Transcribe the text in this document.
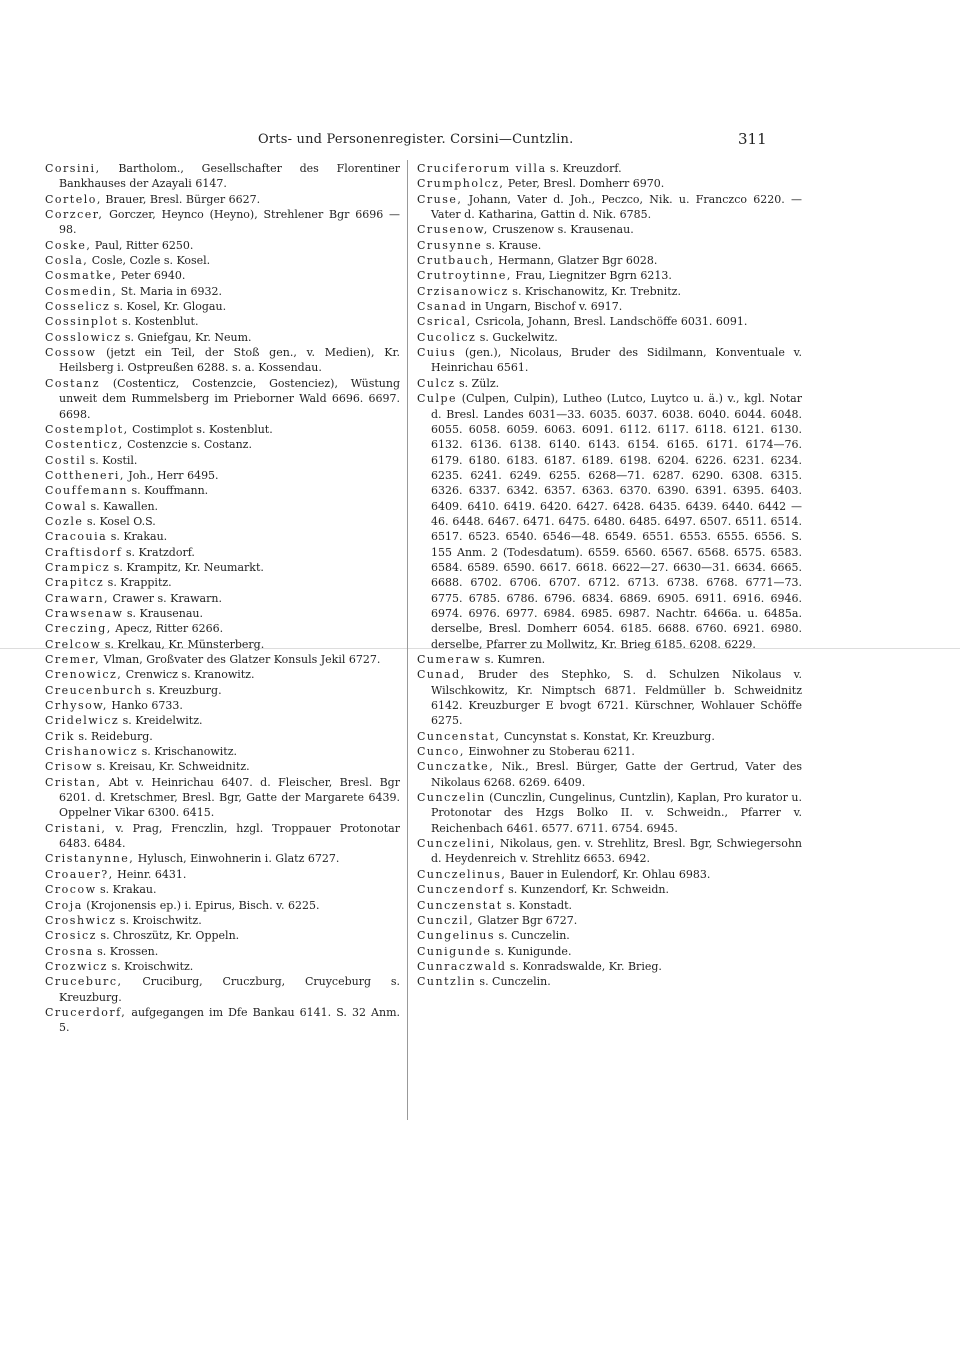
Orts- und Personenregister. Corsini—Cuntzlin.	311

Corsini, Bartholom., Gesellschafter des Florentiner Bankhauses der Azayali 6147.

Cortelo, Brauer, Bresl. Bürger 6627.

Corzcer, Gorczer, Heynco (Heyno), Strehlener Bgr 6696 —98.

Coske, Paul, Ritter 6250.

Cosla, Cosle, Cozle s. Kosel.

Cosmatke, Peter 6940.

Cosmedin, St. Maria in 6932.

Cosselicz s. Kosel, Kr. Glogau.

Cossinplot s. Kostenblut.

Cosslowicz s. Gniefgau, Kr. Neum.

Cossow (jetzt ein Teil, der Stoß gen., v. Medien), Kr. Heilsberg i. Ostpreußen 6288. s. a. Kossendau.

Costanz (Costenticz, Costenzcie, Gostenciez), Wüstung unweit dem Rummelsberg im Prieborner Wald 6696. 6697. 6698.

Costemplot, Costimplot s. Kostenblut.

Costenticz, Costenzcie s. Costanz.

Costil s. Kostil.

Cottheneri, Joh., Herr 6495.

Couffemann s. Kouffmann.

Cowal s. Kawallen.

Cozle s. Kosel O.S.

Cracouia s. Krakau.

Craftisdorf s. Kratzdorf.

Crampicz s. Krampitz, Kr. Neumarkt.

Crapitcz s. Krappitz.

Crawarn, Crawer s. Krawarn.

Crawsenaw s. Krausenau.

Creczing, Apecz, Ritter 6266.

Crelcow s. Krelkau, Kr. Münsterberg.

Cremer, Vlman, Großvater des Glatzer Konsuls Jekil 6727.

Crenowicz, Crenwicz s. Kranowitz.

Creucenburch s. Kreuzburg.

Crhysow, Hanko 6733.

Cridelwicz s. Kreidelwitz.

Crik s. Reideburg.

Crishanowicz s. Krischanowitz.

Crisow s. Kreisau, Kr. Schweidnitz.

Cristan, Abt v. Heinrichau 6407. d. Fleischer, Bresl. Bgr 6201. d. Kretschmer, Bresl. Bgr, Gatte der Margarete 6439. Oppelner Vikar 6300. 6415.

Cristani, v. Prag, Frenczlin, hzgl. Troppauer Protonotar 6483. 6484.

Cristanynne, Hylusch, Einwohnerin i. Glatz 6727.

Croauer?, Heinr. 6431.

Crocow s. Krakau.

Croja (Krojonensis ep.) i. Epirus, Bisch. v. 6225.

Croshwicz s. Kroischwitz.

Crosicz s. Chroszütz, Kr. Oppeln.

Crosna s. Krossen.

Crozwicz s. Kroischwitz.

Cruceburc, Cruciburg, Cruczburg, Cruyceburg s. Kreuzburg.

Crucerdorf, aufgegangen im Dfe Bankau 6141. S. 32 Anm. 5.

Cruciferorum villa s. Kreuzdorf.

Crumpholcz, Peter, Bresl. Domherr 6970.

Cruse, Johann, Vater d. Joh., Peczco, Nik. u. Franczco 6220. — Vater d. Katharina, Gattin d. Nik. 6785.

Crusenow, Cruszenow s. Krausenau.

Crusynne s. Krause.

Crutbauch, Hermann, Glatzer Bgr 6028.

Crutroytinne, Frau, Liegnitzer Bgrn 6213.

Crzisanowicz s. Krischanowitz, Kr. Trebnitz.

Csanad in Ungarn, Bischof v. 6917.

Csrical, Csricola, Johann, Bresl. Landschöffe 6031. 6091.

Cucolicz s. Guckelwitz.

Cuius (gen.), Nicolaus, Bruder des Sidilmann, Konventuale v. Heinrichau 6561.

Culcz s. Zülz.

Culpe (Culpen, Culpin), Lutheo (Lutco, Luytco u. ä.) v., kgl. Notar d. Bresl. Landes 6031—33. 6035. 6037. 6038. 6040. 6044. 6048. 6055. 6058. 6059. 6063. 6091. 6112. 6117. 6118. 6121. 6130. 6132. 6136. 6138. 6140. 6143. 6154. 6165. 6171. 6174—76. 6179. 6180. 6183. 6187. 6189. 6198. 6204. 6226. 6231. 6234. 6235. 6241. 6249. 6255. 6268—71. 6287. 6290. 6308. 6315. 6326. 6337. 6342. 6357. 6363. 6370. 6390. 6391. 6395. 6403. 6409. 6410. 6419. 6420. 6427. 6428. 6435. 6439. 6440. 6442 —46. 6448. 6467. 6471. 6475. 6480. 6485. 6497. 6507. 6511. 6514. 6517. 6523. 6540. 6546—48. 6549. 6551. 6553. 6555. 6556. S. 155 Anm. 2 (Todesdatum). 6559. 6560. 6567. 6568. 6575. 6583. 6584. 6589. 6590. 6617. 6618. 6622—27. 6630—31. 6634. 6665. 6688. 6702. 6706. 6707. 6712. 6713. 6738. 6768. 6771—73. 6775. 6785. 6786. 6796. 6834. 6869. 6905. 6911. 6916. 6946. 6974. 6976. 6977. 6984. 6985. 6987. Nachtr. 6466a. u. 6485a. derselbe, Bresl. Domherr 6054. 6185. 6688. 6760. 6921. 6980. derselbe, Pfarrer zu Mollwitz, Kr. Brieg 6185. 6208. 6229.

Cumeraw s. Kumren.

Cunad, Bruder des Stephko, S. d. Schulzen Nikolaus v. Wilschkowitz, Kr. Nimptsch 6871. Feldmüller b. Schweidnitz 6142. Kreuzburger E bvogt 6721. Kürschner, Wohlauer Schöffe 6275.

Cuncenstat, Cuncynstat s. Konstat, Kr. Kreuzburg.

Cunco, Einwohner zu Stoberau 6211.

Cunczatke, Nik., Bresl. Bürger, Gatte der Gertrud, Vater des Nikolaus 6268. 6269. 6409.

Cunczelin (Cunczlin, Cungelinus, Cuntzlin), Kaplan, Pro kurator u. Protonotar des Hzgs Bolko II. v. Schweidn., Pfarrer v. Reichenbach 6461. 6577. 6711. 6754. 6945.

Cunczelini, Nikolaus, gen. v. Strehlitz, Bresl. Bgr, Schwiegersohn d. Heydenreich v. Strehlitz 6653. 6942.

Cunczelinus, Bauer in Eulendorf, Kr. Ohlau 6983.

Cunczendorf s. Kunzendorf, Kr. Schweidn.

Cunczenstat s. Konstadt.

Cunczil, Glatzer Bgr 6727.

Cungelinus s. Cunczelin.

Cunigunde s. Kunigunde.

Cunraczwald s. Konradswalde, Kr. Brieg.

Cuntzlin s. Cunczelin.
